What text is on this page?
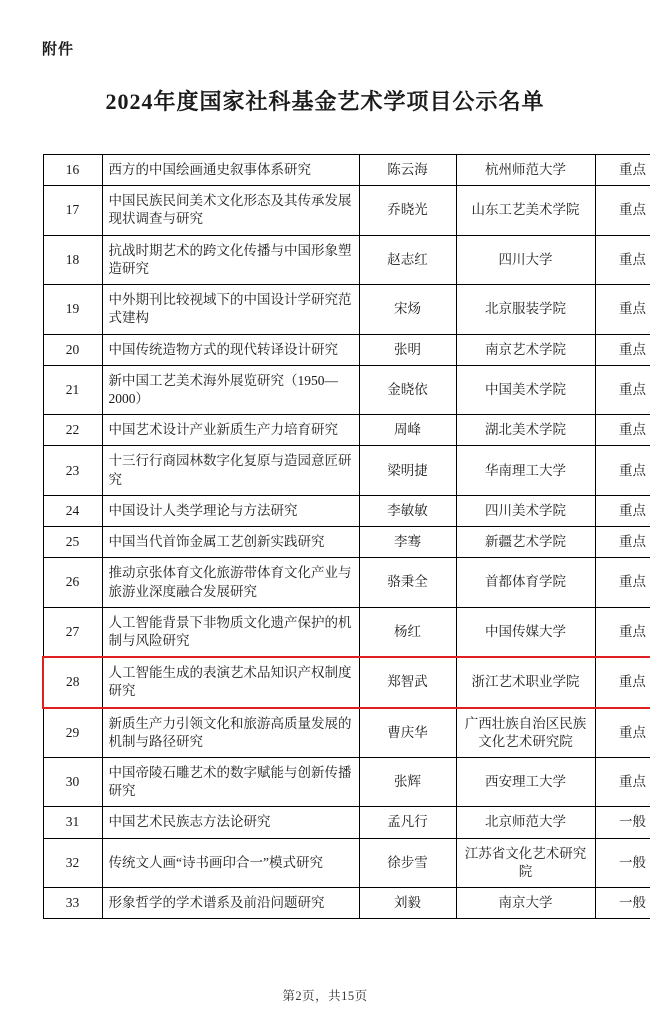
附件
2024年度国家社科基金艺术学项目公示名单
16	西方的中国绘画通史叙事体系研究	陈云海	杭州师范大学	重点

17	中国民族民间美术文化形态及其传承发展现状调查与研究	乔晓光	山东工艺美术学院	重点

18	抗战时期艺术的跨文化传播与中国形象塑造研究	赵志红	四川大学	重点

19	中外期刊比较视域下的中国设计学研究范式建构	宋炀	北京服装学院	重点

20	中国传统造物方式的现代转译设计研究	张明	南京艺术学院	重点

21	新中国工艺美术海外展览研究（1950—2000）	金晓依	中国美术学院	重点

22	中国艺术设计产业新质生产力培育研究	周峰	湖北美术学院	重点

23	十三行行商园林数字化复原与造园意匠研究	梁明捷	华南理工大学	重点

24	中国设计人类学理论与方法研究	李敏敏	四川美术学院	重点

25	中国当代首饰金属工艺创新实践研究	李骞	新疆艺术学院	重点

26	推动京张体育文化旅游带体育文化产业与旅游业深度融合发展研究	骆秉全	首都体育学院	重点

27	人工智能背景下非物质文化遗产保护的机制与风险研究	杨红	中国传媒大学	重点

28	人工智能生成的表演艺术品知识产权制度研究	郑智武	浙江艺术职业学院	重点

29	新质生产力引领文化和旅游高质量发展的机制与路径研究	曹庆华	广西壮族自治区民族文化艺术研究院	重点

30	中国帝陵石雕艺术的数字赋能与创新传播研究	张辉	西安理工大学	重点

31	中国艺术民族志方法论研究	孟凡行	北京师范大学	一般

32	传统文人画“诗书画印合一”模式研究	徐步雪	江苏省文化艺术研究院	一般

33	形象哲学的学术谱系及前沿问题研究	刘毅	南京大学	一般
第2页，共15页
